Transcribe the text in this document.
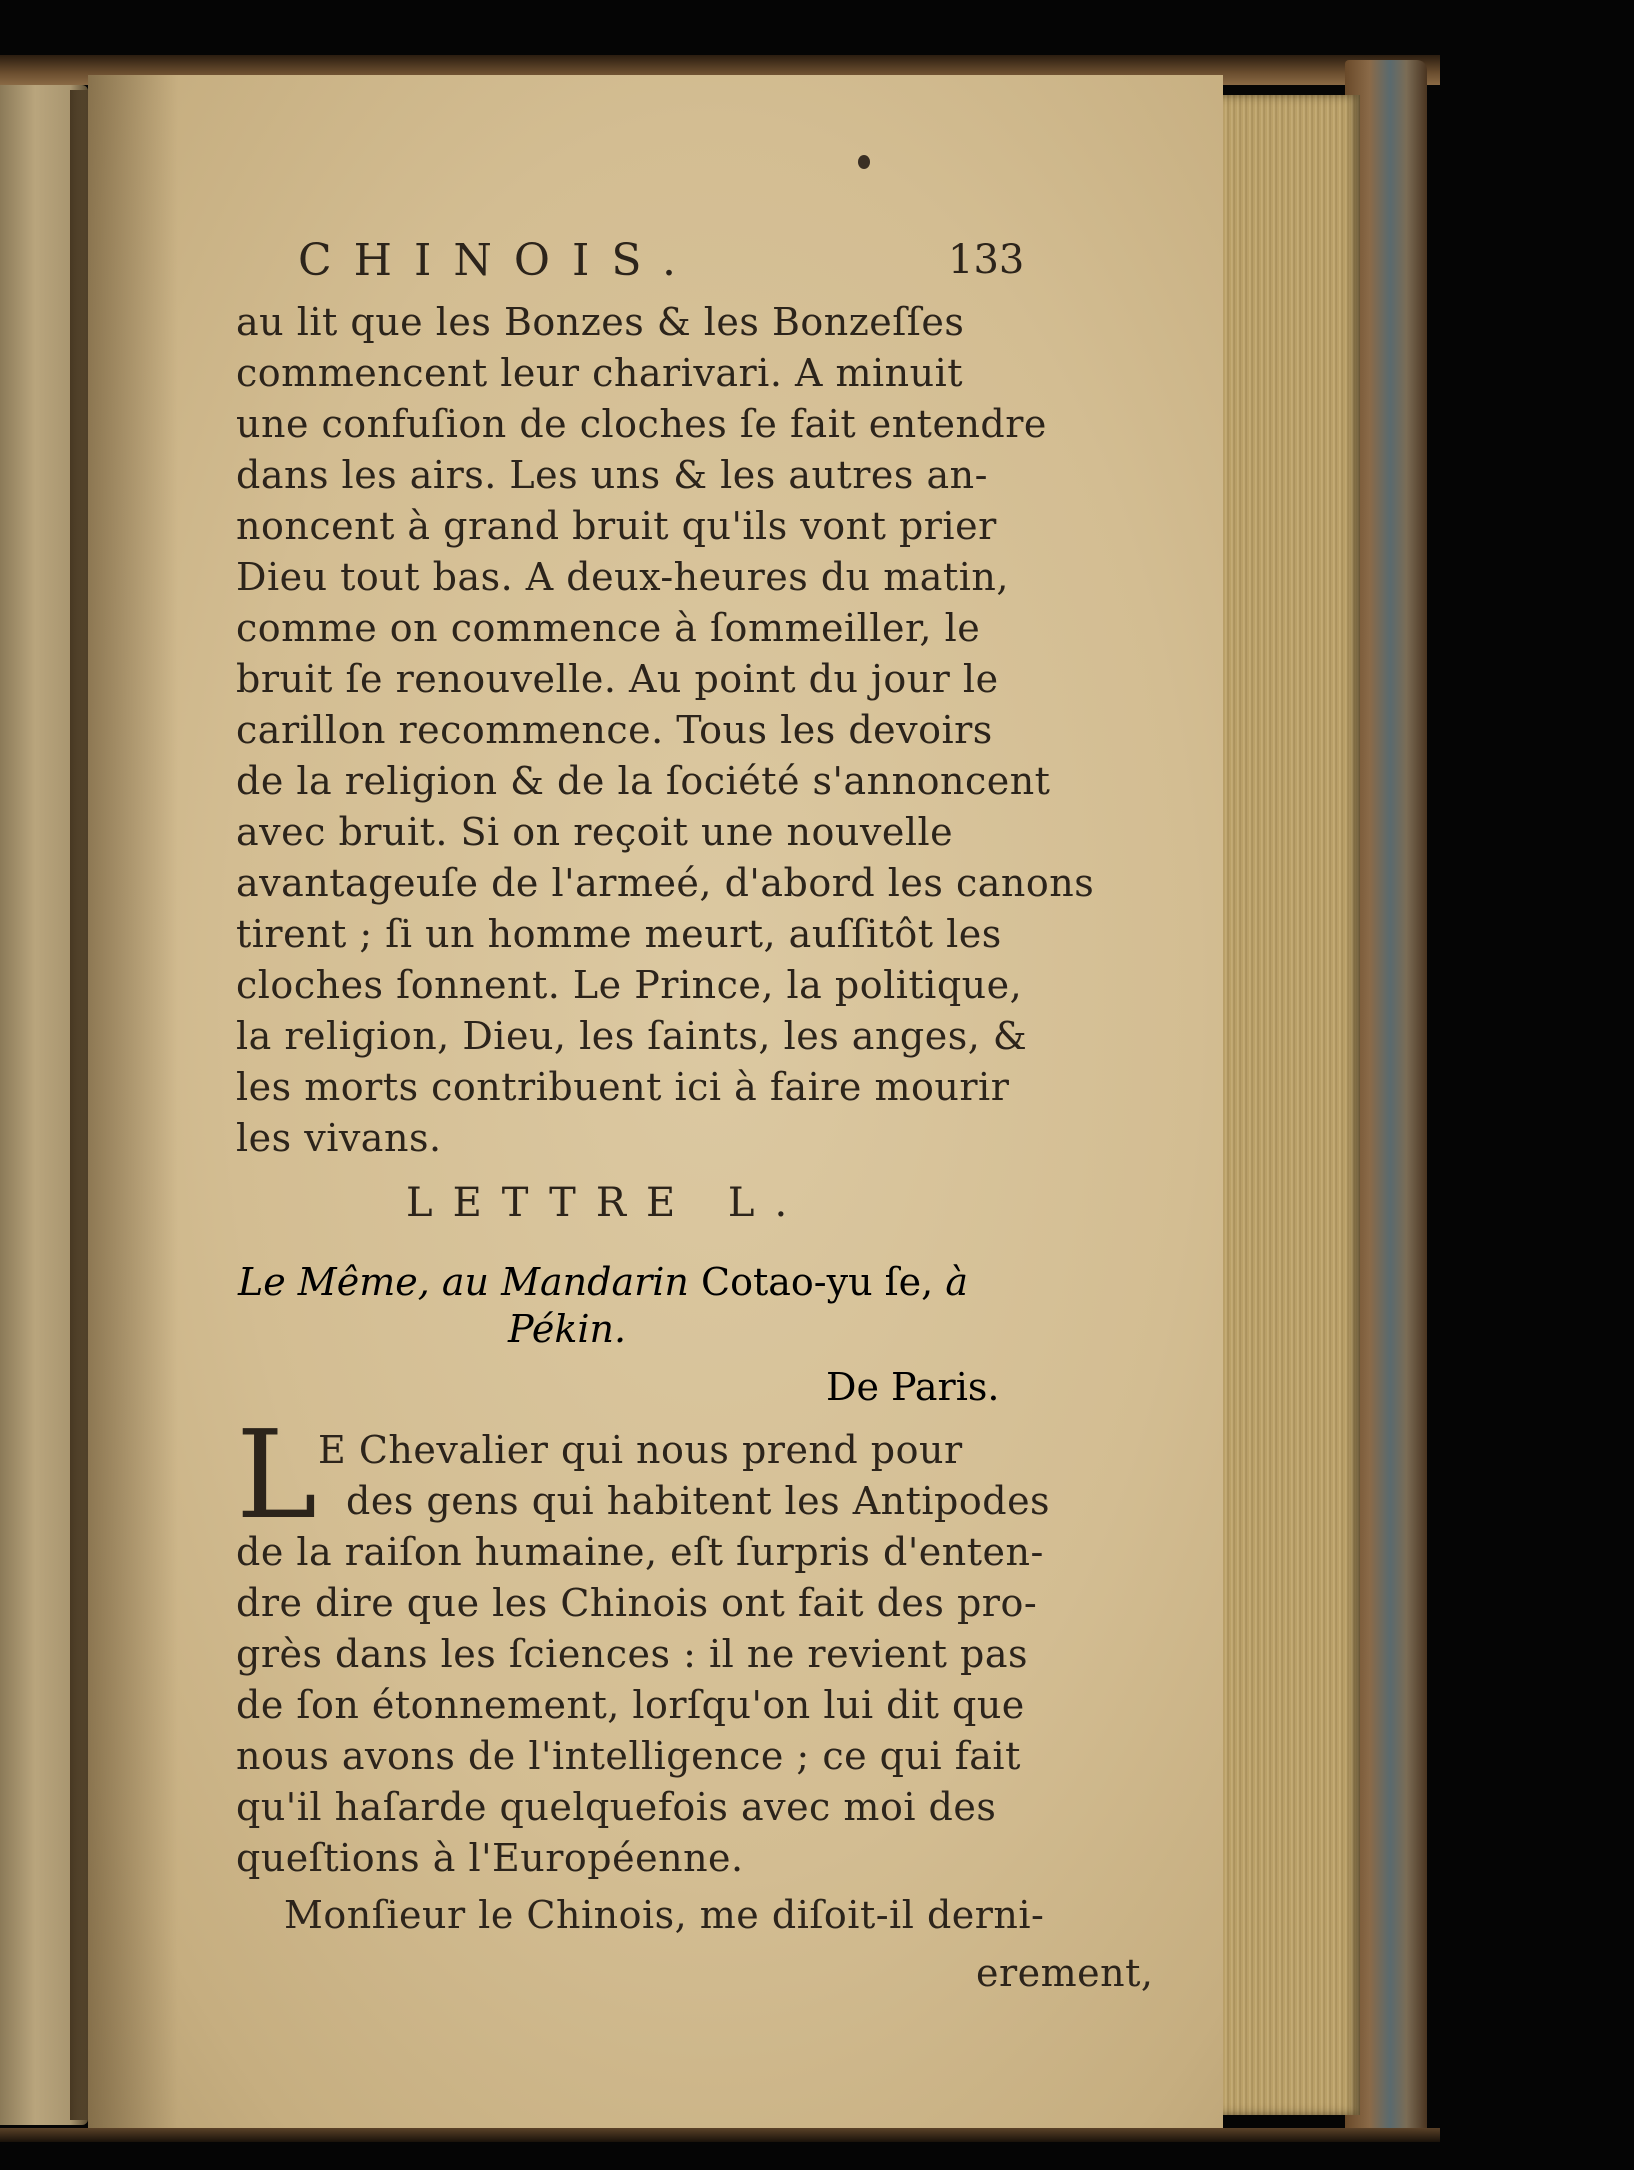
CHINOIS.	133
au lit que les Bonzes & les Bonzeſſes
commencent leur charivari. A minuit
une confuſion de cloches ſe fait entendre
dans les airs. Les uns & les autres an-
noncent à grand bruit qu'ils vont prier
Dieu tout bas. A deux-heures du matin,
comme on commence à ſommeiller, le
bruit ſe renouvelle. Au point du jour le
carillon recommence. Tous les devoirs
de la religion & de la ſociété s'annoncent
avec bruit. Si on reçoit une nouvelle
avantageuſe de l'armeé, d'abord les canons
tirent ; ſi un homme meurt, auſſitôt les
cloches ſonnent. Le Prince, la politique,
la religion, Dieu, les ſaints, les anges, &
les morts contribuent ici à faire mourir
les vivans.
LETTRE L.
Le Même, au Mandarin Cotao-yu ſe, à
Pékin.
De Paris.
L E Chevalier qui nous prend pour
des gens qui habitent les Antipodes
de la raiſon humaine, eſt ſurpris d'enten-
dre dire que les Chinois ont fait des pro-
grès dans les ſciences : il ne revient pas
de ſon étonnement, lorſqu'on lui dit que
nous avons de l'intelligence ; ce qui fait
qu'il haſarde quelquefois avec moi des
queſtions à l'Européenne.
Monſieur le Chinois, me diſoit-il derni-
erement,
